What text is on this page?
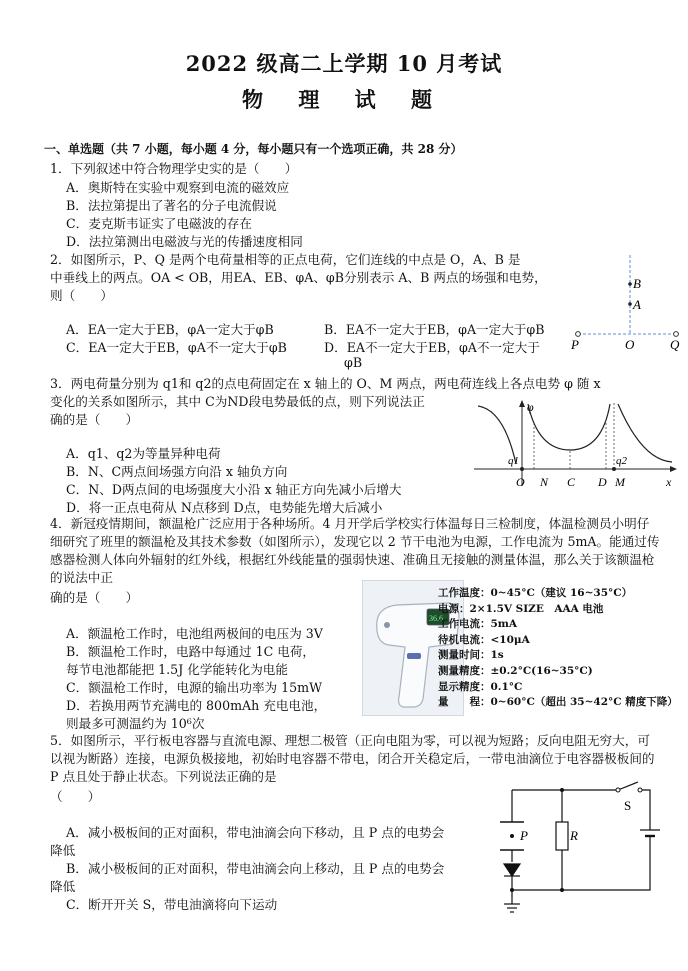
2022 级高二上学期 10 月考试
物 理 试 题
一、单选题（共 7 小题，每小题 4 分，每小题只有一个选项正确，共 28 分）
1．下列叙述中符合物理学史实的是（　　）
A．奥斯特在实验中观察到电流的磁效应
B．法拉第提出了著名的分子电流假说
C．麦克斯韦证实了电磁波的存在
D．法拉第测出电磁波与光的传播速度相同
2．如图所示，P、Q 是两个电荷量相等的正点电荷，它们连线的中点是 O，A、B 是
中垂线上的两点。OA < OB，用EA、EB、φA、φB分别表示 A、B 两点的场强和电势，
则（　　）
A．EA一定大于EB，φA一定大于φB	B．EA不一定大于EB，φA一定大于φB
C．EA一定大于EB，φA不一定大于φB	D．EA不一定大于EB，φA不一定大于
φB
B
A
P	O	Q
3．两电荷量分别为 q1和 q2的点电荷固定在 x 轴上的 O、M 两点，两电荷连线上各点电势 φ 随 x
变化的关系如图所示，其中 C为ND段电势最低的点，则下列说法正
确的是（　　）
A．q1、q2为等量异种电荷
B．N、C两点间场强方向沿 x 轴负方向
C．N、D两点间的电场强度大小沿 x 轴正方向先减小后增大
D．将一正点电荷从 N点移到 D点，电势能先增大后减小
φ
x
q1	q2
O N C D M
4．新冠疫情期间，额温枪广泛应用于各种场所。4 月开学后学校实行体温每日三检制度，体温检测员小明仔细研究了班里的额温枪及其技术参数（如图所示），发现它以 2 节干电池为电源，工作电流为 5mA。能通过传感器检测人体向外辐射的红外线，根据红外线能量的强弱快速、准确且无接触的测量体温，那么关于该额温枪的说法中正
确的是（　　）
A．额温枪工作时，电池组两极间的电压为 3V
B．额温枪工作时，电路中每通过 1C 电荷，
每节电池都能把 1.5J 化学能转化为电能
C．额温枪工作时，电源的输出功率为 15mW
D．若换用两节充满电的 800mAh 充电电池，
则最多可测温约为 10⁶次
36.6
工作温度：0~45°C（建议 16~35°C）
电源：2×1.5V SIZE　AAA 电池
工作电流：5mA
待机电流：<10μA
测量时间：1s
测量精度：±0.2°C(16~35°C)
显示精度：0.1°C
量　　程：0~60°C（超出 35~42°C 精度下降）
5．如图所示，平行板电容器与直流电源、理想二极管（正向电阻为零，可以视为短路；反向电阻无穷大，可以视为断路）连接，电源负极接地，初始时电容器不带电，闭合开关稳定后，一带电油滴位于电容器极板间的 P 点且处于静止状态。下列说法正确的是
（　　）
A．减小极板间的正对面积，带电油滴会向下移动，且 P 点的电势会
降低
B．减小极板间的正对面积，带电油滴会向上移动，且 P 点的电势会
降低
C．断开开关 S，带电油滴将向下运动
P	R
S
